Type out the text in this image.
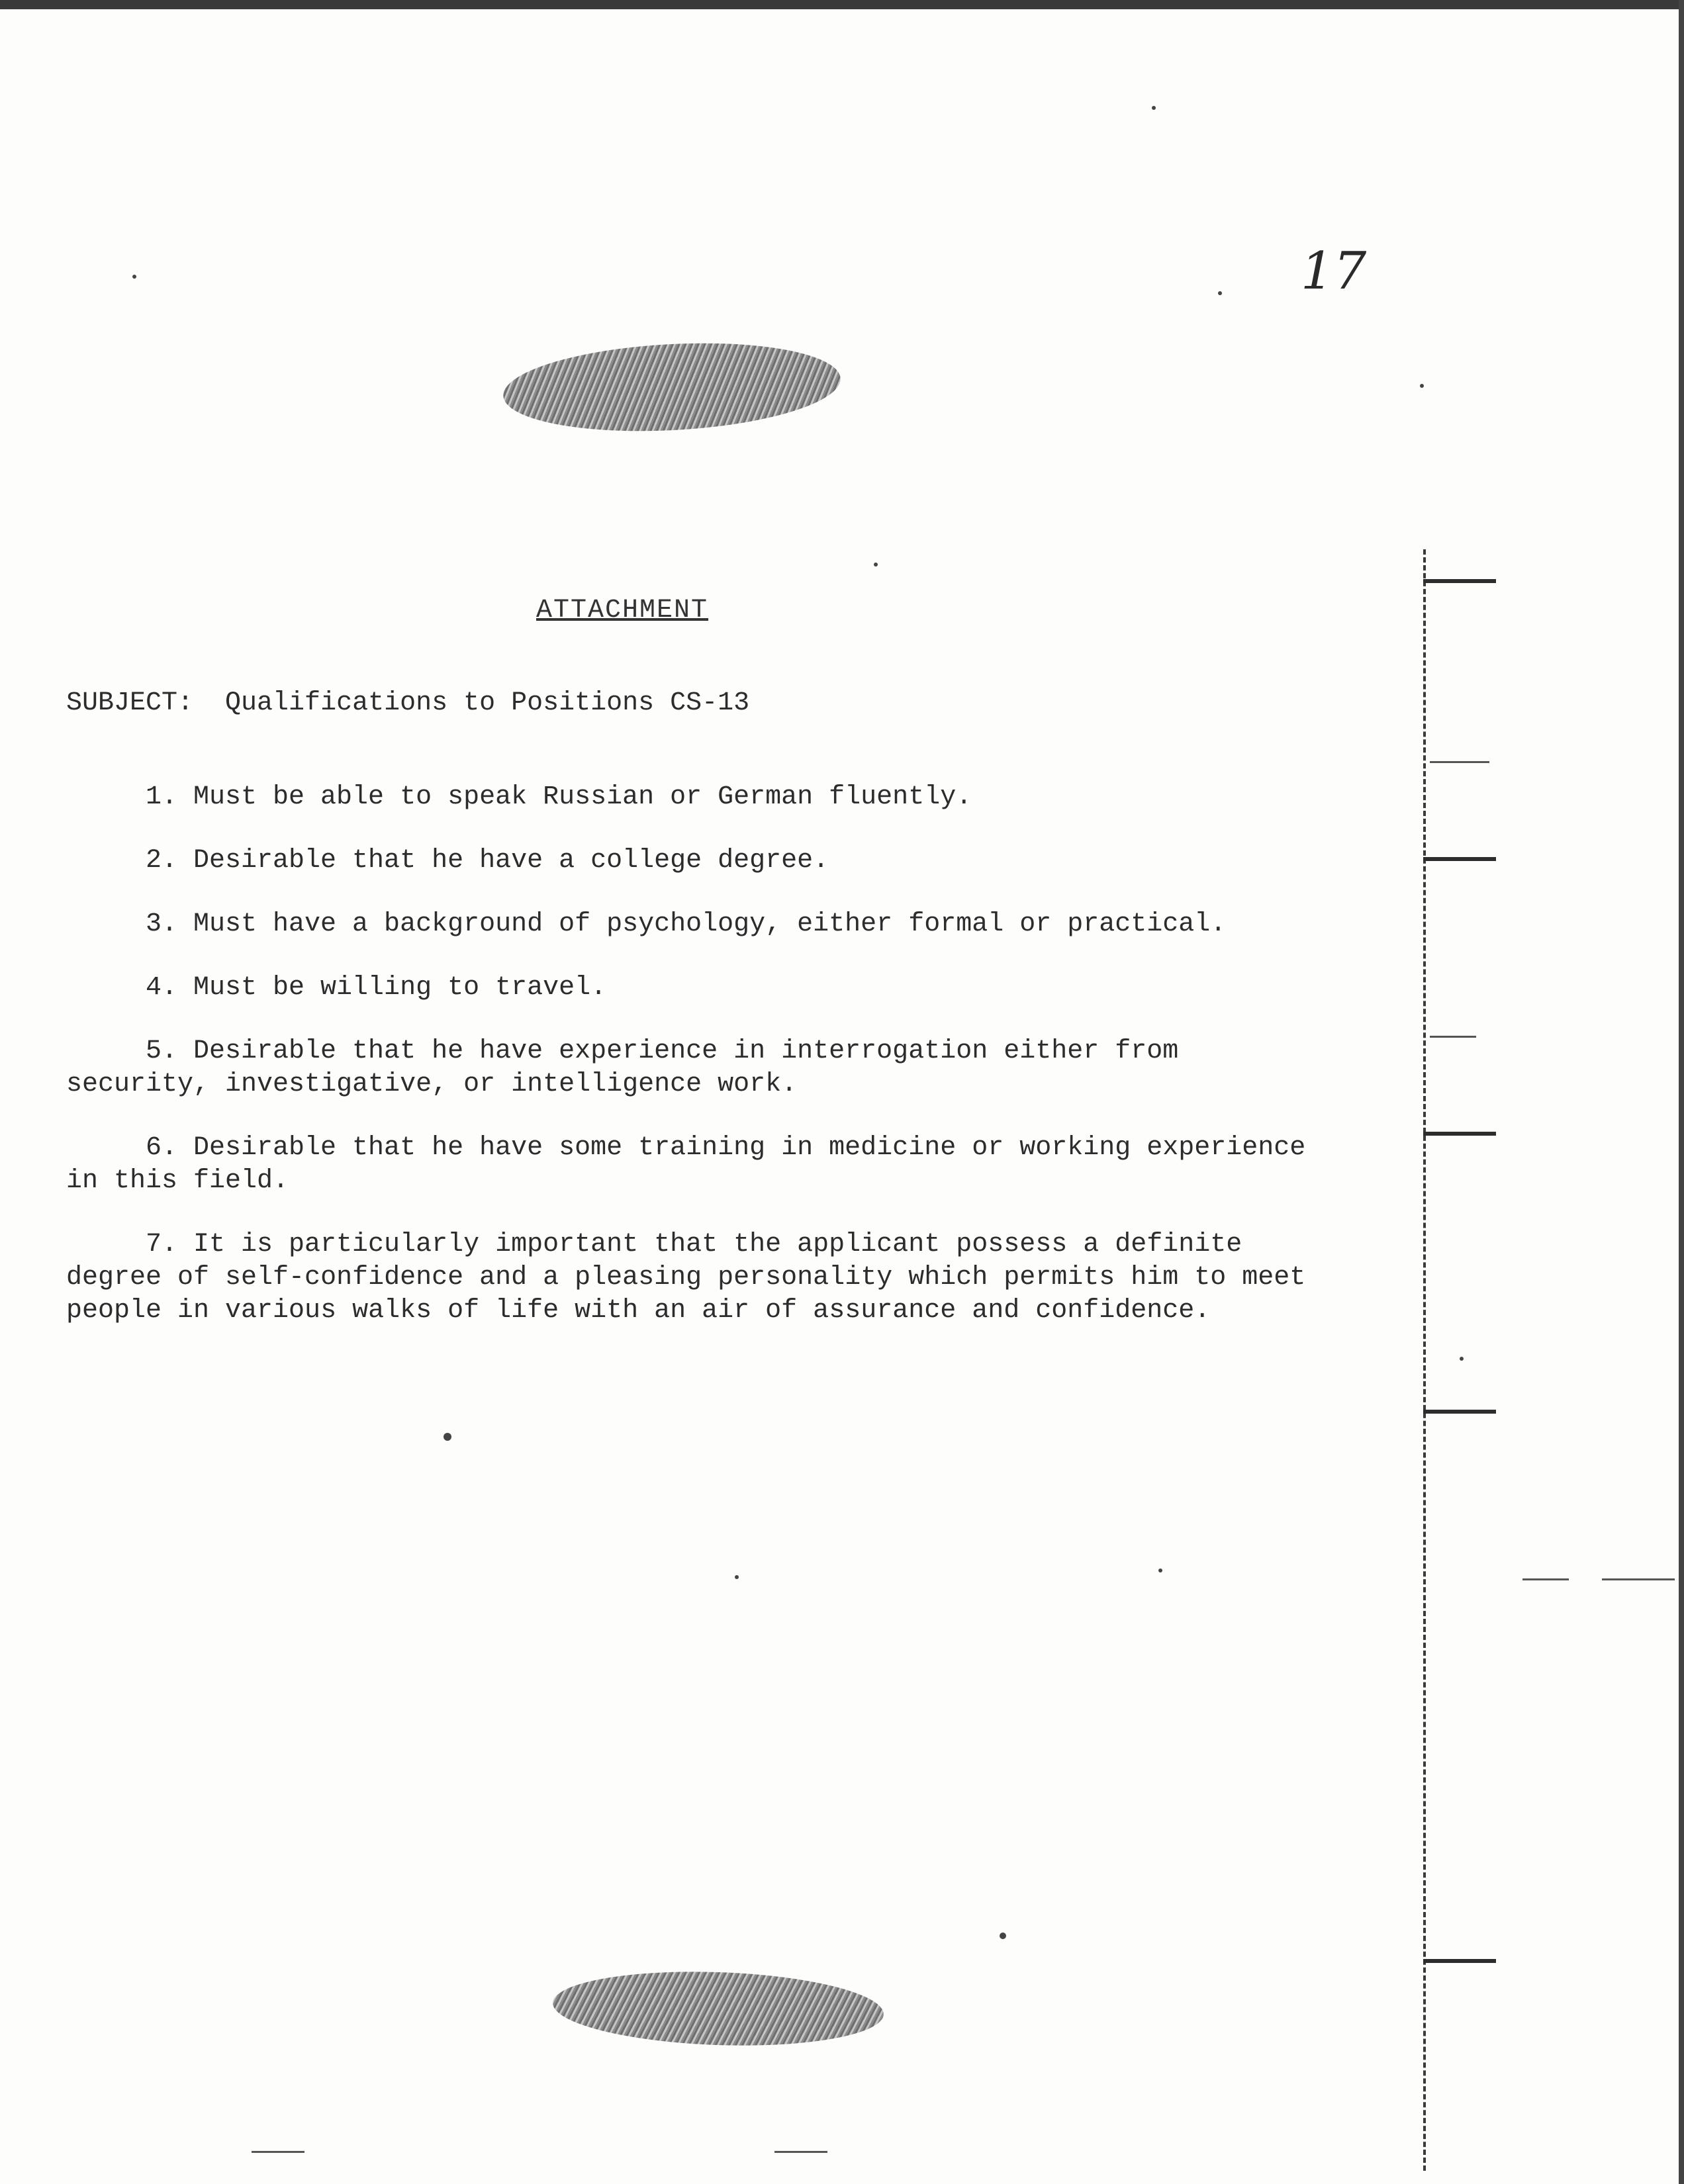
17
ATTACHMENT
SUBJECT:  Qualifications to Positions CS-13

1. Must be able to speak Russian or German fluently.

2. Desirable that he have a college degree.

3. Must have a background of psychology, either formal or practical.

4. Must be willing to travel.

5. Desirable that he have experience in interrogation either from security, investigative, or intelligence work.

6. Desirable that he have some training in medicine or working experience in this field.

7. It is particularly important that the applicant possess a definite degree of self-confidence and a pleasing personality which permits him to meet people in various walks of life with an air of assurance and confidence.
